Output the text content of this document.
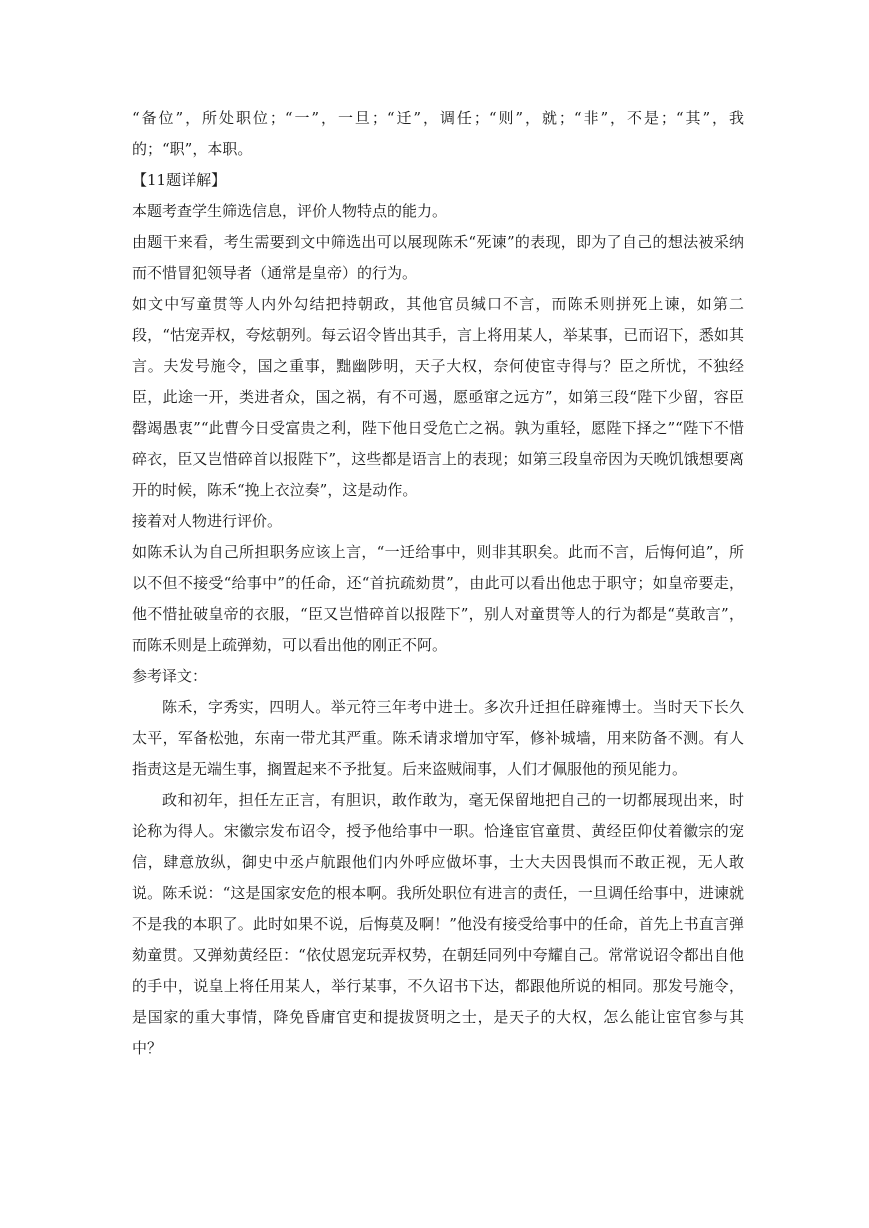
“备位”，所处职位；“一”，一旦；“迁”，调任；“则”，就；“非”，不是；“其”，我的；“职”，本职。

【11题详解】

本题考查学生筛选信息，评价人物特点的能力。

由题干来看，考生需要到文中筛选出可以展现陈禾“死谏”的表现，即为了自己的想法被采纳而不惜冒犯领导者（通常是皇帝）的行为。

如文中写童贯等人内外勾结把持朝政，其他官员缄口不言，而陈禾则拼死上谏，如第二段，“怙宠弄权，夸炫朝列。每云诏令皆出其手，言上将用某人，举某事，已而诏下，悉如其言。夫发号施令，国之重事，黜幽陟明，天子大权，奈何使宦寺得与？臣之所忧，不独经臣，此途一开，类进者众，国之祸，有不可遏，愿亟窜之远方”，如第三段“陛下少留，容臣罄竭愚衷”“此曹今日受富贵之利，陛下他日受危亡之祸。孰为重轻，愿陛下择之”“陛下不惜碎衣，臣又岂惜碎首以报陛下”，这些都是语言上的表现；如第三段皇帝因为天晚饥饿想要离开的时候，陈禾“挽上衣泣奏”，这是动作。

接着对人物进行评价。

如陈禾认为自己所担职务应该上言，“一迁给事中，则非其职矣。此而不言，后悔何追”，所以不但不接受“给事中”的任命，还“首抗疏劾贯”，由此可以看出他忠于职守；如皇帝要走，他不惜扯破皇帝的衣服，“臣又岂惜碎首以报陛下”，别人对童贯等人的行为都是“莫敢言”，而陈禾则是上疏弹劾，可以看出他的刚正不阿。

参考译文：

陈禾，字秀实，四明人。举元符三年考中进士。多次升迁担任辟雍博士。当时天下长久太平，军备松弛，东南一带尤其严重。陈禾请求增加守军，修补城墙，用来防备不测。有人指责这是无端生事，搁置起来不予批复。后来盗贼闹事，人们才佩服他的预见能力。

政和初年，担任左正言，有胆识，敢作敢为，毫无保留地把自己的一切都展现出来，时论称为得人。宋徽宗发布诏令，授予他给事中一职。恰逢宦官童贯、黄经臣仰仗着徽宗的宠信，肆意放纵，御史中丞卢航跟他们内外呼应做坏事，士大夫因畏惧而不敢正视，无人敢说。陈禾说：“这是国家安危的根本啊。我所处职位有进言的责任，一旦调任给事中，进谏就不是我的本职了。此时如果不说，后悔莫及啊！”他没有接受给事中的任命，首先上书直言弹劾童贯。又弹劾黄经臣：“依仗恩宠玩弄权势，在朝廷同列中夸耀自己。常常说诏令都出自他的手中，说皇上将任用某人，举行某事，不久诏书下达，都跟他所说的相同。那发号施令，是国家的重大事情，降免昏庸官吏和提拔贤明之士，是天子的大权，怎么能让宦官参与其中？
